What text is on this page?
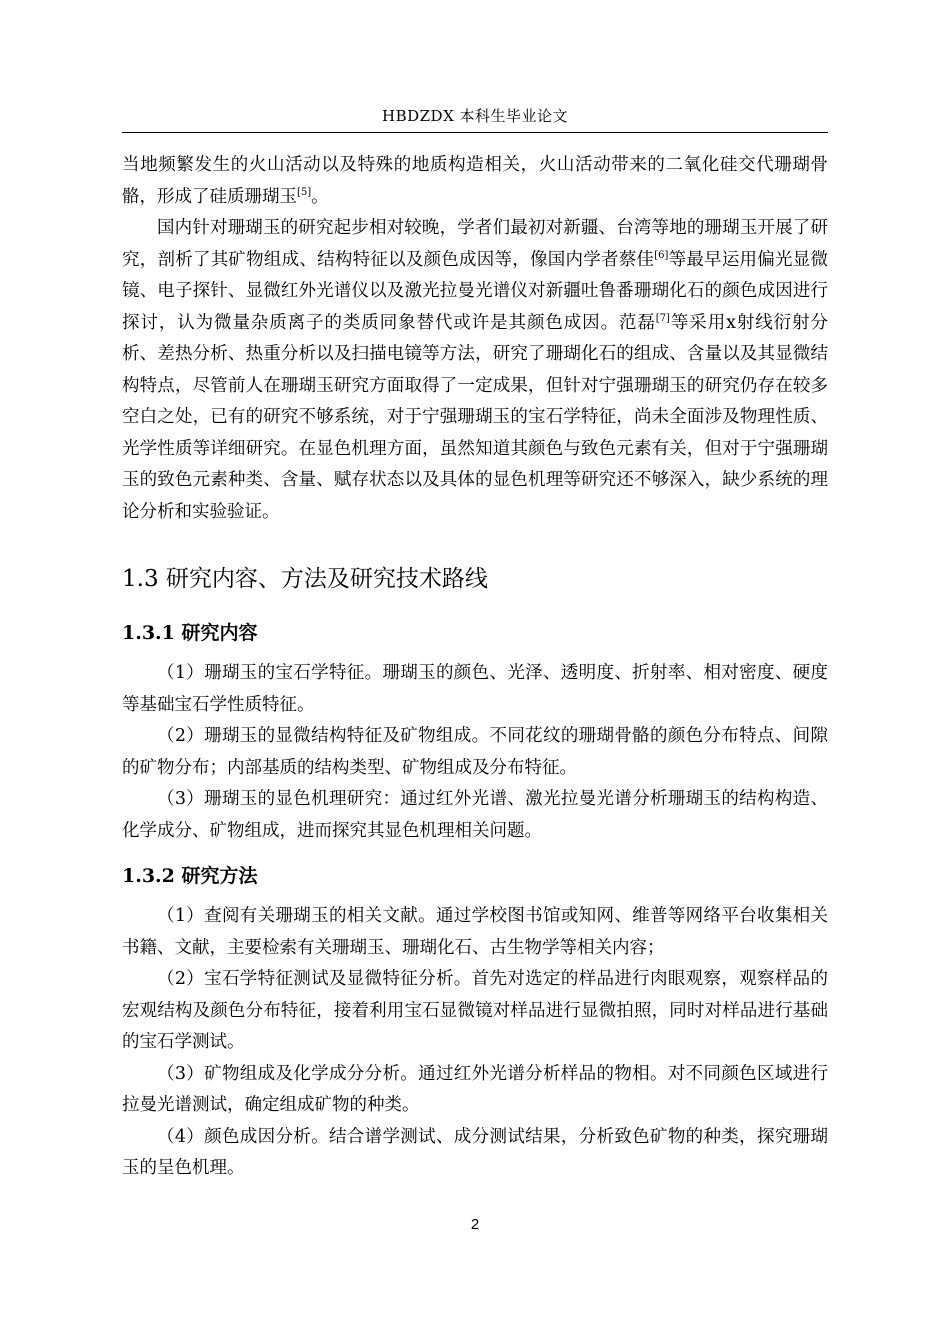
HBDZDX 本科生毕业论文

当地频繁发生的火山活动以及特殊的地质构造相关，火山活动带来的二氧化硅交代珊瑚骨骼，形成了硅质珊瑚玉[5]。

国内针对珊瑚玉的研究起步相对较晚，学者们最初对新疆、台湾等地的珊瑚玉开展了研究，剖析了其矿物组成、结构特征以及颜色成因等，像国内学者蔡佳[6]等最早运用偏光显微镜、电子探针、显微红外光谱仪以及激光拉曼光谱仪对新疆吐鲁番珊瑚化石的颜色成因进行探讨，认为微量杂质离子的类质同象替代或许是其颜色成因。范磊[7]等采用x射线衍射分析、差热分析、热重分析以及扫描电镜等方法，研究了珊瑚化石的组成、含量以及其显微结构特点，尽管前人在珊瑚玉研究方面取得了一定成果，但针对宁强珊瑚玉的研究仍存在较多空白之处，已有的研究不够系统，对于宁强珊瑚玉的宝石学特征，尚未全面涉及物理性质、光学性质等详细研究。在显色机理方面，虽然知道其颜色与致色元素有关，但对于宁强珊瑚玉的致色元素种类、含量、赋存状态以及具体的显色机理等研究还不够深入，缺少系统的理论分析和实验验证。

1.3 研究内容、方法及研究技术路线
1.3.1 研究内容

（1）珊瑚玉的宝石学特征。珊瑚玉的颜色、光泽、透明度、折射率、相对密度、硬度等基础宝石学性质特征。

（2）珊瑚玉的显微结构特征及矿物组成。不同花纹的珊瑚骨骼的颜色分布特点、间隙的矿物分布；内部基质的结构类型、矿物组成及分布特征。

（3）珊瑚玉的显色机理研究：通过红外光谱、激光拉曼光谱分析珊瑚玉的结构构造、化学成分、矿物组成，进而探究其显色机理相关问题。

1.3.2 研究方法

（1）查阅有关珊瑚玉的相关文献。通过学校图书馆或知网、维普等网络平台收集相关书籍、文献，主要检索有关珊瑚玉、珊瑚化石、古生物学等相关内容；

（2）宝石学特征测试及显微特征分析。首先对选定的样品进行肉眼观察，观察样品的宏观结构及颜色分布特征，接着利用宝石显微镜对样品进行显微拍照，同时对样品进行基础的宝石学测试。

（3）矿物组成及化学成分分析。通过红外光谱分析样品的物相。对不同颜色区域进行拉曼光谱测试，确定组成矿物的种类。

（4）颜色成因分析。结合谱学测试、成分测试结果，分析致色矿物的种类，探究珊瑚玉的呈色机理。

2
